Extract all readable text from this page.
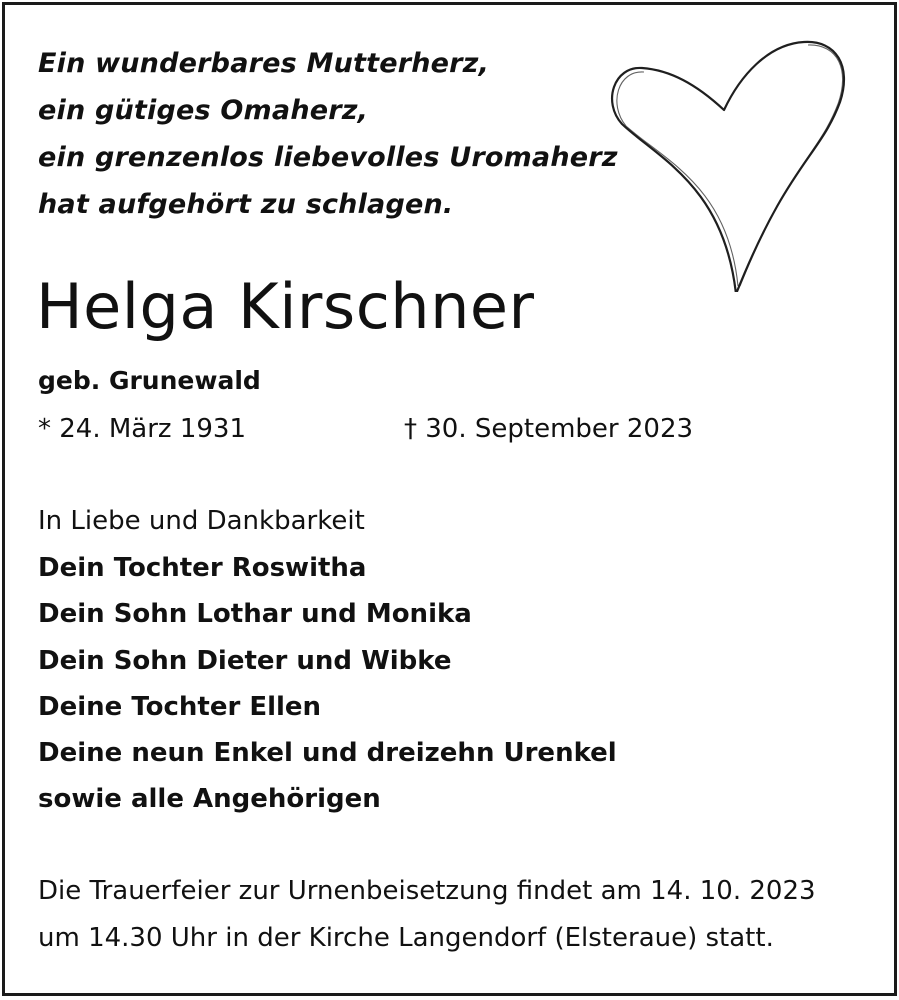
Ein wunderbares Mutterherz,
ein gütiges Omaherz,
ein grenzenlos liebevolles Uromaherz
hat aufgehört zu schlagen.
Helga Kirschner
geb. Grunewald
* 24. März 1931	† 30. September 2023
In Liebe und Dankbarkeit
Dein Tochter Roswitha
Dein Sohn Lothar und Monika
Dein Sohn Dieter und Wibke
Deine Tochter Ellen
Deine neun Enkel und dreizehn Urenkel
sowie alle Angehörigen
Die Trauerfeier zur Urnenbeisetzung findet am 14. 10. 2023
um 14.30 Uhr in der Kirche Langendorf (Elsteraue) statt.
